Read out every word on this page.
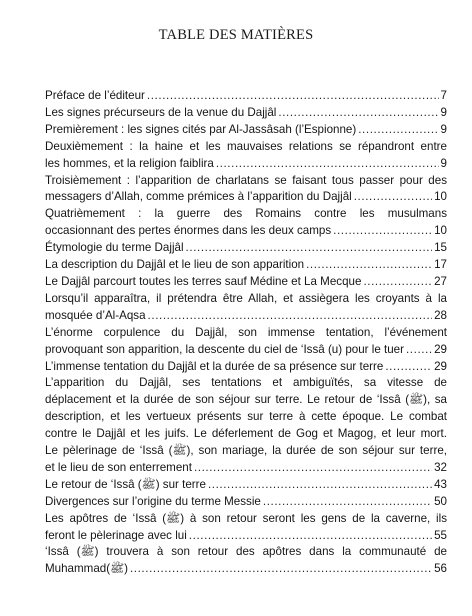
TABLE DES MATIÈRES
Préface de l’éditeur .....	7
Les signes précurseurs de la venue du Dajjâl .....	9
Premièrement : les signes cités par Al-Jassâsah (l’Espionne) .....	9
Deuxièmement : la haine et les mauvaises relations se répandront entre
les hommes, et la religion faiblira .....	9
Troisièmement : l’apparition de charlatans se faisant tous passer pour des
messagers d’Allah, comme prémices à l’apparition du Dajjâl .....	10
Quatrièmement : la guerre des Romains contre les musulmans
occasionnant des pertes énormes dans les deux camps .....	10
Étymologie du terme Dajjâl .....	15
La description du Dajjâl et le lieu de son apparition .....	17
Le Dajjâl parcourt toutes les terres sauf Médine et La Mecque .....	27
Lorsqu’il apparaîtra, il prétendra être Allah, et assiègera les croyants à la
mosquée d’Al-Aqsa .....	28
L’énorme corpulence du Dajjâl, son immense tentation, l’événement
provoquant son apparition, la descente du ciel de ‘Issâ (u) pour le tuer .....	29
L’immense tentation du Dajjâl et la durée de sa présence sur terre .....	29
L’apparition du Dajjâl, ses tentations et ambiguïtés, sa vitesse de
déplacement et la durée de son séjour sur terre. Le retour de ‘Issâ (ﷺ), sa
description, et les vertueux présents sur terre à cette époque. Le combat
contre le Dajjâl et les juifs. Le déferlement de Gog et Magog, et leur mort.
Le pèlerinage de ‘Issâ (ﷺ), son mariage, la durée de son séjour sur terre,
et le lieu de son enterrement .....	32
Le retour de ‘Issâ (ﷺ) sur terre .....	43
Divergences sur l’origine du terme Messie .....	50
Les apôtres de ‘Issâ (ﷺ) à son retour seront les gens de la caverne, ils
feront le pèlerinage avec lui .....	55
‘Issâ (ﷺ) trouvera à son retour des apôtres dans la communauté de
Muhammad(ﷺ) .....	56
